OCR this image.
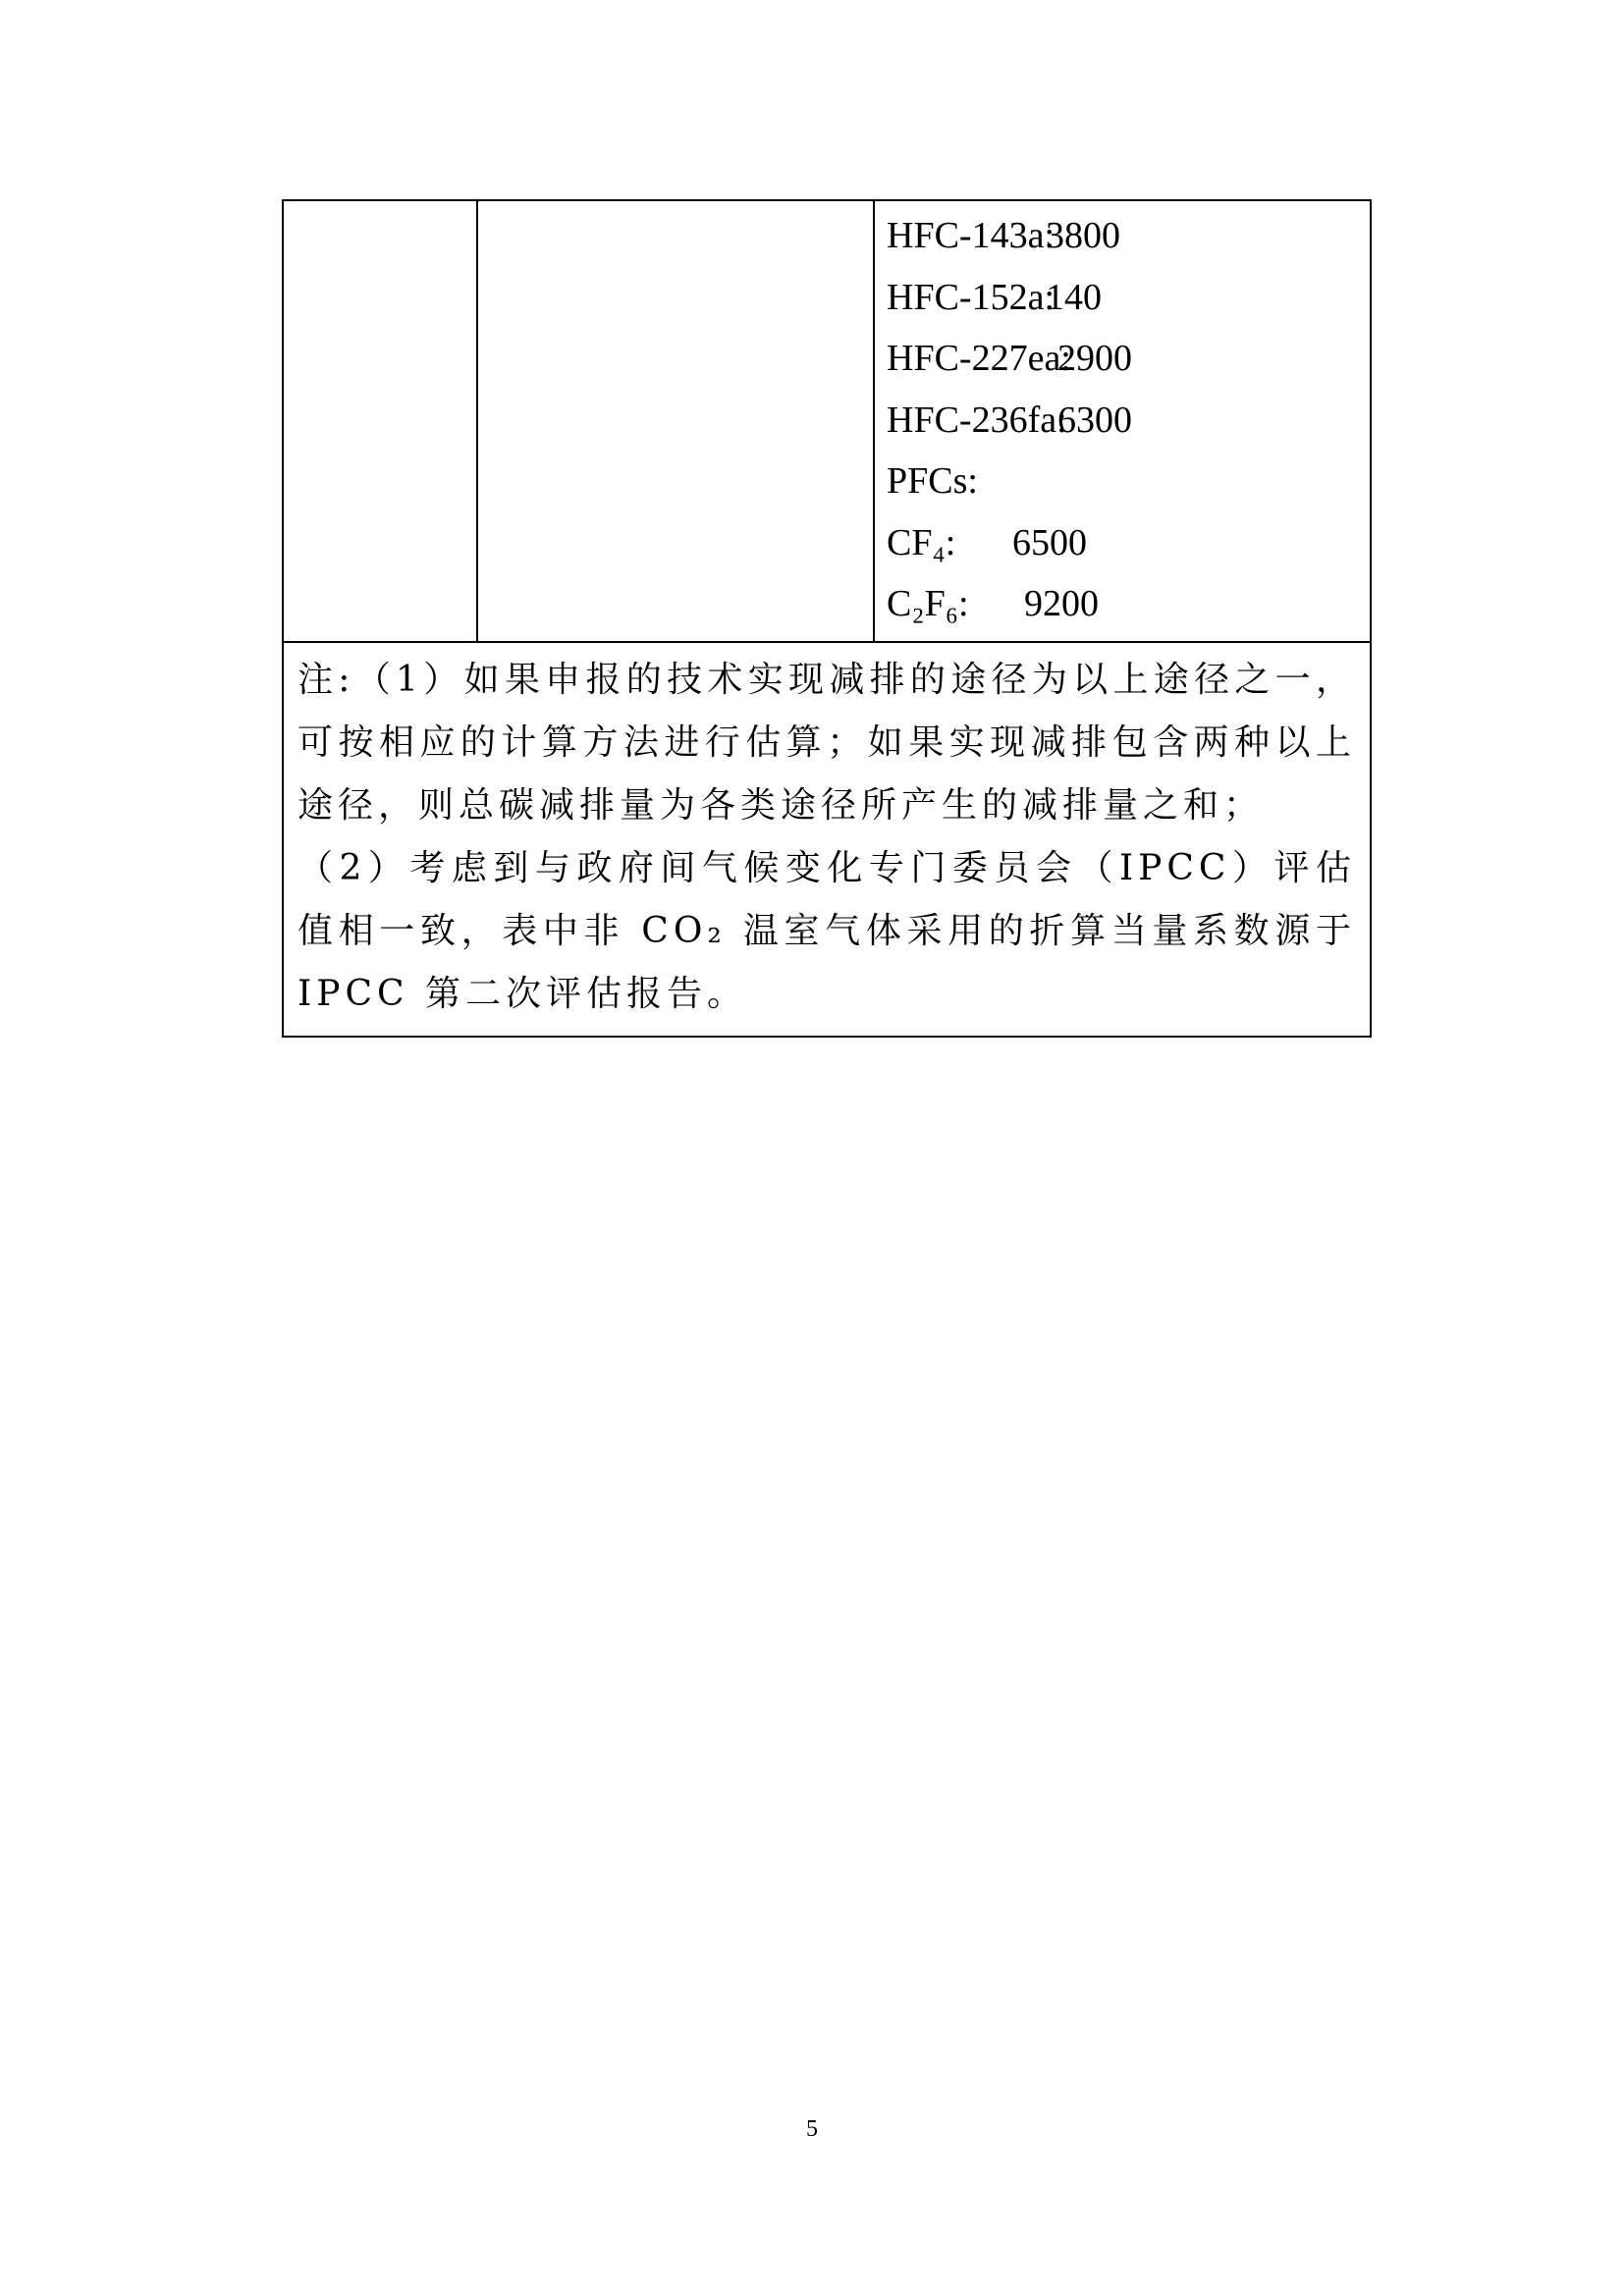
HFC-143a:3800
HFC-152a:140
HFC-227ea:2900
HFC-236fa:6300
PFCs:
CF₄: 6500
C₂F₆: 9200

注:（1）如果申报的技术实现减排的途径为以上途径之一，可按相应的计算方法进行估算；如果实现减排包含两种以上途径，则总碳减排量为各类途径所产生的减排量之和；
（2）考虑到与政府间气候变化专门委员会（IPCC）评估值相一致，表中非 CO₂ 温室气体采用的折算当量系数源于 IPCC 第二次评估报告。
5
